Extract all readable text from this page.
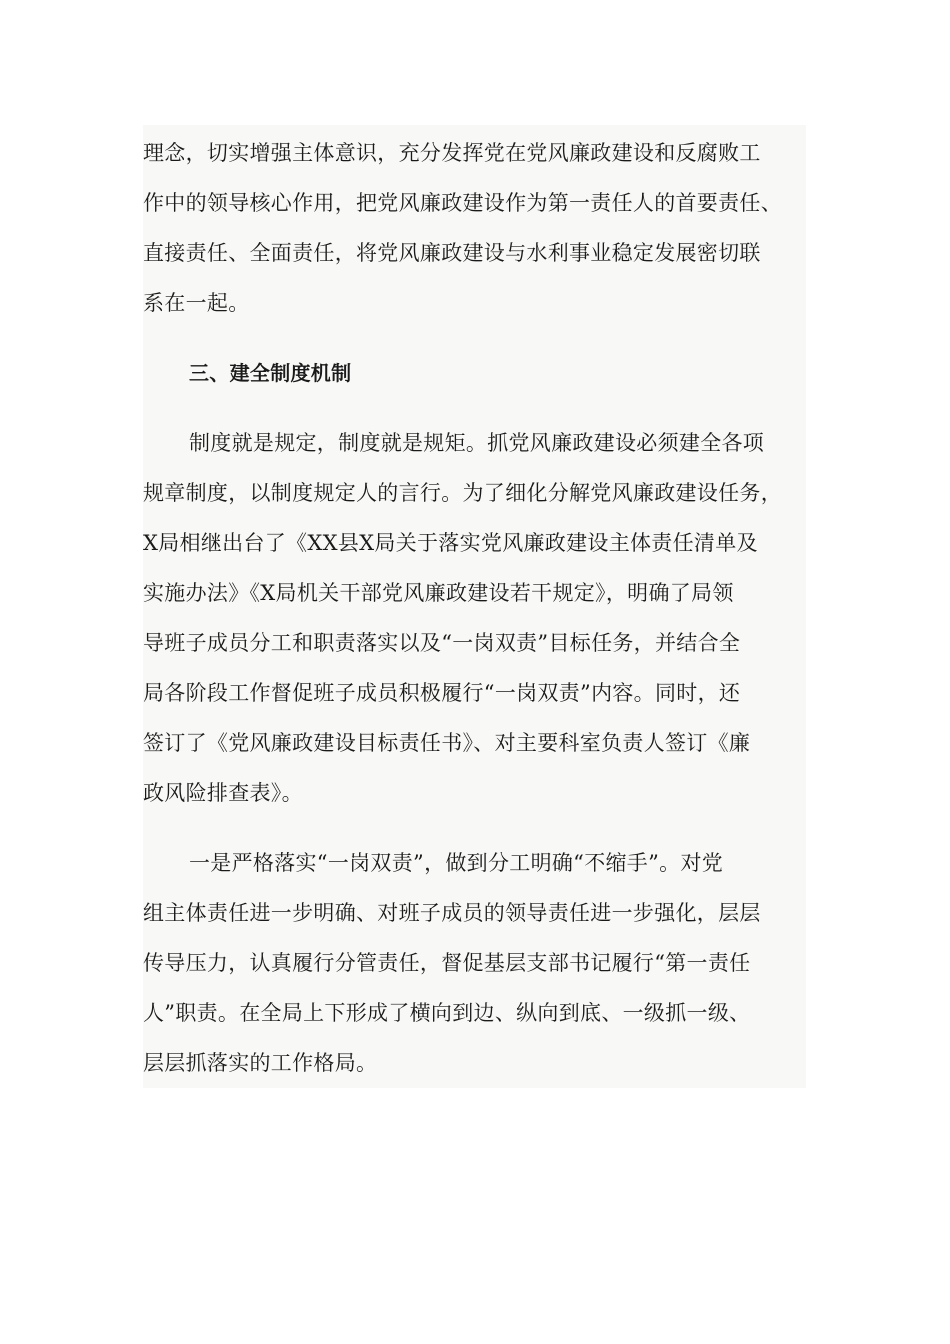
理念，切实增强主体意识，充分发挥党在党风廉政建设和反腐败工
作中的领导核心作用，把党风廉政建设作为第一责任人的首要责任、
直接责任、全面责任，将党风廉政建设与水利事业稳定发展密切联
系在一起。
三、建全制度机制
制度就是规定，制度就是规矩。抓党风廉政建设必须建全各项
规章制度，以制度规定人的言行。为了细化分解党风廉政建设任务，
X局相继出台了《XX县X局关于落实党风廉政建设主体责任清单及
实施办法》《X局机关干部党风廉政建设若干规定》，明确了局领
导班子成员分工和职责落实以及“一岗双责”目标任务，并结合全
局各阶段工作督促班子成员积极履行“一岗双责”内容。同时，还
签订了《党风廉政建设目标责任书》、对主要科室负责人签订《廉
政风险排查表》。
一是严格落实“一岗双责”，做到分工明确“不缩手”。对党
组主体责任进一步明确、对班子成员的领导责任进一步强化，层层
传导压力，认真履行分管责任，督促基层支部书记履行“第一责任
人”职责。在全局上下形成了横向到边、纵向到底、一级抓一级、
层层抓落实的工作格局。
